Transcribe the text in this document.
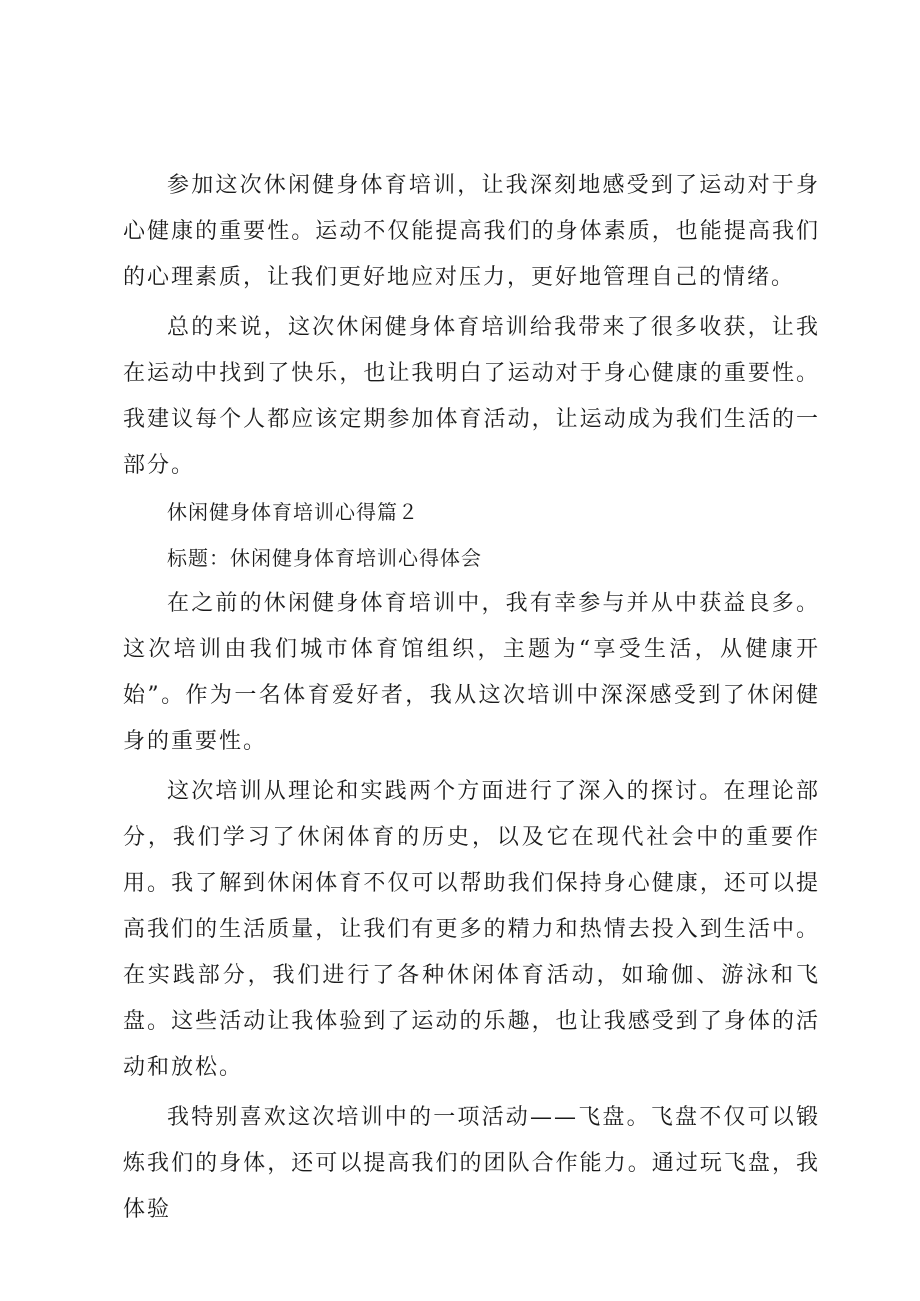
参加这次休闲健身体育培训，让我深刻地感受到了运动对于身心健康的重要性。运动不仅能提高我们的身体素质，也能提高我们的心理素质，让我们更好地应对压力，更好地管理自己的情绪。

总的来说，这次休闲健身体育培训给我带来了很多收获，让我在运动中找到了快乐，也让我明白了运动对于身心健康的重要性。我建议每个人都应该定期参加体育活动，让运动成为我们生活的一部分。

休闲健身体育培训心得篇２

标题：休闲健身体育培训心得体会

在之前的休闲健身体育培训中，我有幸参与并从中获益良多。这次培训由我们城市体育馆组织，主题为“享受生活，从健康开始”。作为一名体育爱好者，我从这次培训中深深感受到了休闲健身的重要性。

这次培训从理论和实践两个方面进行了深入的探讨。在理论部分，我们学习了休闲体育的历史，以及它在现代社会中的重要作用。我了解到休闲体育不仅可以帮助我们保持身心健康，还可以提高我们的生活质量，让我们有更多的精力和热情去投入到生活中。在实践部分，我们进行了各种休闲体育活动，如瑜伽、游泳和飞盘。这些活动让我体验到了运动的乐趣，也让我感受到了身体的活动和放松。

我特别喜欢这次培训中的一项活动——飞盘。飞盘不仅可以锻炼我们的身体，还可以提高我们的团队合作能力。通过玩飞盘，我体验
